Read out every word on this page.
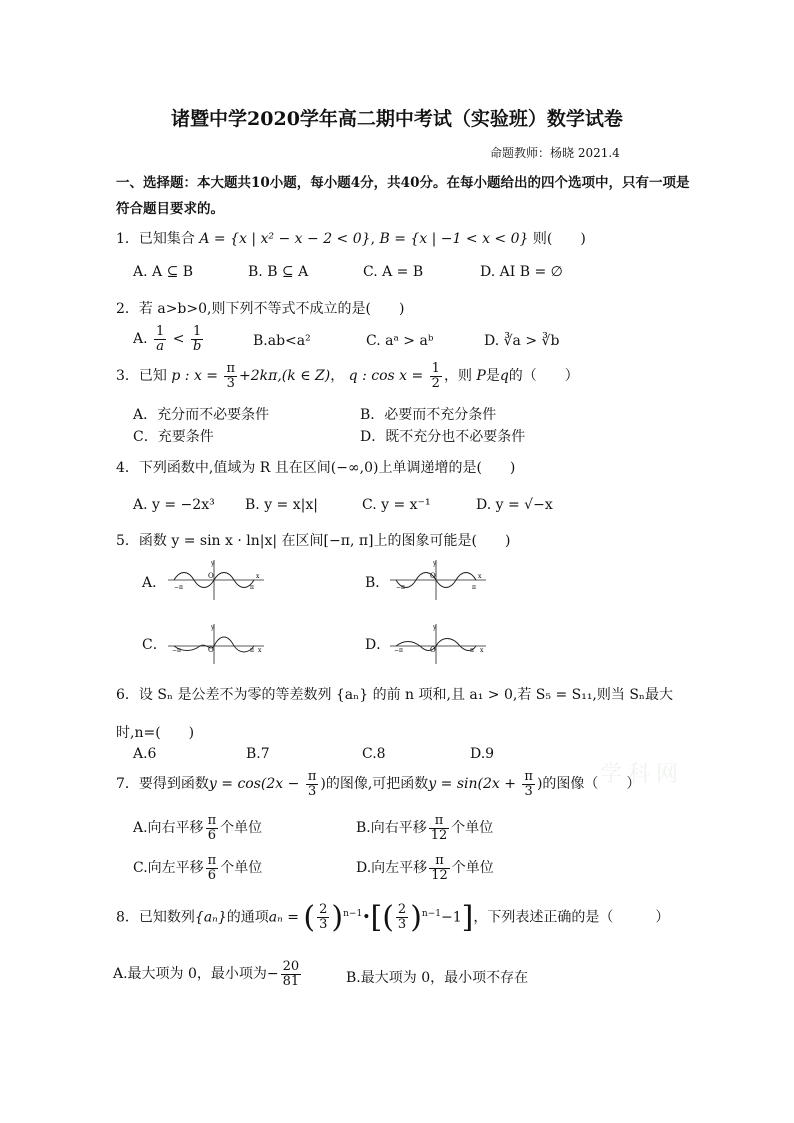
诸暨中学2020学年高二期中考试（实验班）数学试卷
命题教师：杨晓 2021.4
一、选择题：本大题共10小题，每小题4分，共40分。在每小题给出的四个选项中，只有一项是符合题目要求的。
1．已知集合 A = {x | x² − x − 2 < 0}, B = {x | −1 < x < 0} 则(　　)
A. A ⊆ B	B. B ⊆ A	C. A = B	D. AI B = ∅
2．若 a>b>0,则下列不等式不成立的是(　　)
A. $\frac{1}{a} < \frac{1}{b}$	B.ab<a²	C. aᵃ > aᵇ	D. ∛a > ∛b
3．已知 p : $x = \frac{\pi}{3} +2k\pi,(k$ ∈ Z)， q : $\cos x = \frac{1}{2}$ ，则 P是q的（　　）
A．充分而不必要条件	B．必要而不充分条件
C．充要条件	D．既不充分也不必要条件
4．下列函数中,值域为 R 且在区间(−∞,0)上单调递增的是(　　)
A. y = −2x³ B. y = x|x|	C. y = x⁻¹	D. y = √−x
5．函数 y = sin x · ln|x| 在区间[−π, π]上的图象可能是(　　)
A．	B．
C．	D．
O
y
x
−π	π
O
y
x
−π	π
O
y
x
−π	π	O
y
x
−π	π
6．设 Sₙ 是公差不为零的等差数列 {aₙ} 的前 n 项和,且 a₁ > 0,若 S₅ = S₁₁,则当 Sₙ最大
时,n=(　　)
A.6	B.7	C.8	D.9
学科网
7．要得到函数$y = \cos(2x - \frac{\pi}{3}$ )的图像,可把函数$y = \sin(2x + \frac{\pi}{3}$ )的图像（　　）
A.向右平移 $\frac{\pi}{6}$ 个单位	B.向右平移 $\frac{\pi}{12}$ 个单位
C.向左平移 $\frac{\pi}{6}$ 个单位	D.向左平移 $\frac{\pi}{12}$ 个单位
8．已知数列{aₙ}的通项aₙ = ( $\frac{2}{3}$ )$^{n-1}$•[( $\frac{2}{3} )^{n-1}-1$]，下列表述正确的是（　　　）
A.最大项为 0，最小项为− $\frac{20}{81}$	B.最大项为 0，最小项不存在
